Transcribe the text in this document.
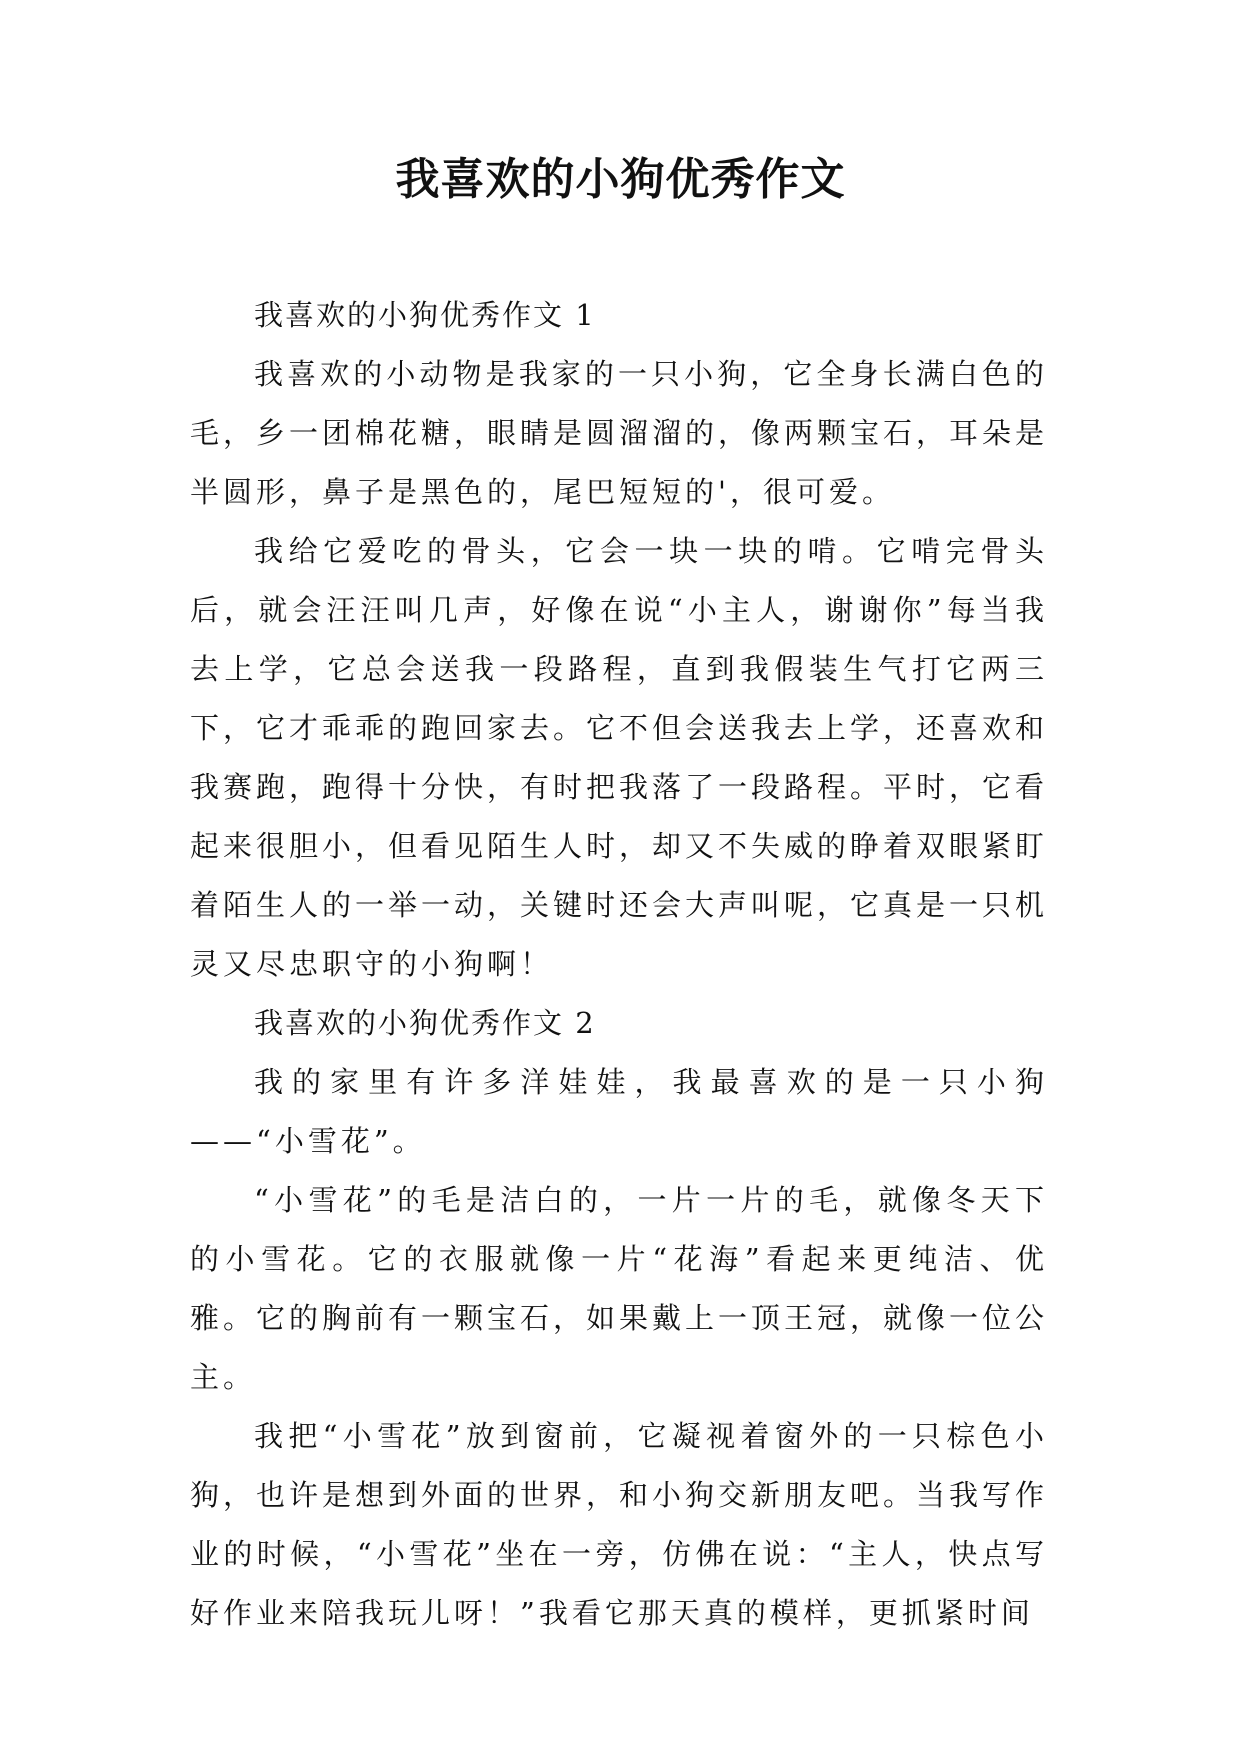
我喜欢的小狗优秀作文

我喜欢的小狗优秀作文 1

我喜欢的小动物是我家的一只小狗，它全身长满白色的毛，乡一团棉花糖，眼睛是圆溜溜的，像两颗宝石，耳朵是半圆形，鼻子是黑色的，尾巴短短的'，很可爱。

我给它爱吃的骨头，它会一块一块的啃。它啃完骨头后，就会汪汪叫几声，好像在说“小主人，谢谢你”每当我去上学，它总会送我一段路程，直到我假装生气打它两三下，它才乖乖的跑回家去。它不但会送我去上学，还喜欢和我赛跑，跑得十分快，有时把我落了一段路程。平时，它看起来很胆小，但看见陌生人时，却又不失威的睁着双眼紧盯着陌生人的一举一动，关键时还会大声叫呢，它真是一只机灵又尽忠职守的小狗啊！

我喜欢的小狗优秀作文 2

我的家里有许多洋娃娃，我最喜欢的是一只小狗——“小雪花”。

“小雪花”的毛是洁白的，一片一片的毛，就像冬天下的小雪花。它的衣服就像一片“花海”看起来更纯洁、优雅。它的胸前有一颗宝石，如果戴上一顶王冠，就像一位公主。

我把“小雪花”放到窗前，它凝视着窗外的一只棕色小狗，也许是想到外面的世界，和小狗交新朋友吧。当我写作业的时候，“小雪花”坐在一旁，仿佛在说：“主人，快点写好作业来陪我玩儿呀！”我看它那天真的模样，更抓紧时间
